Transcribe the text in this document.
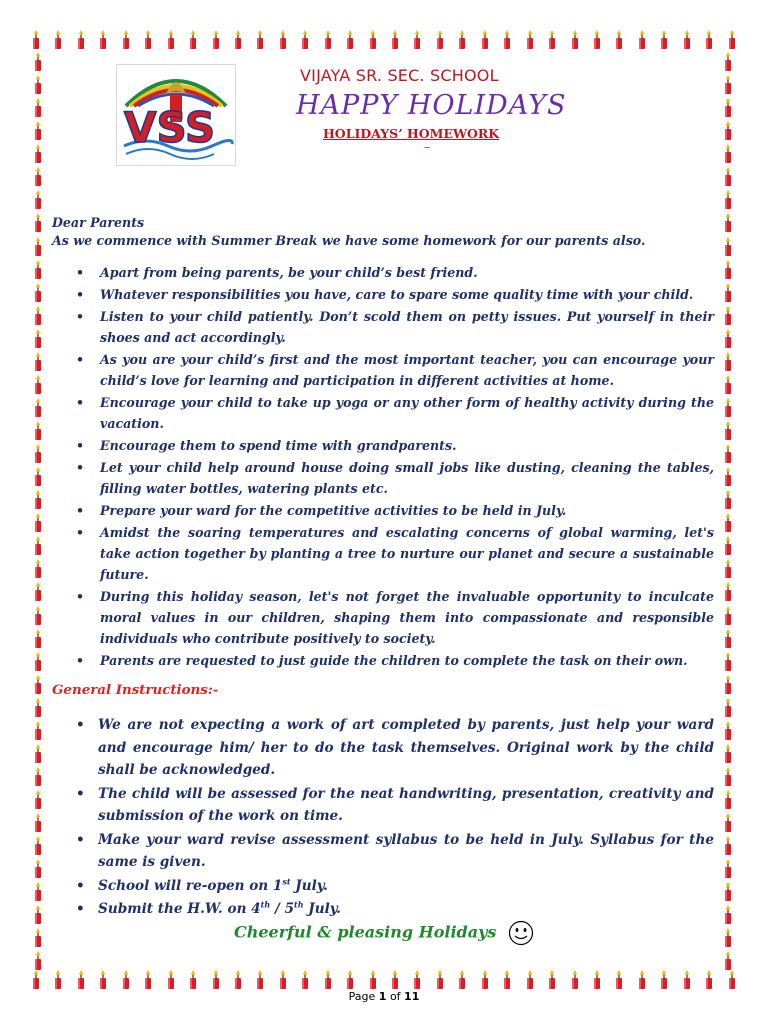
VSS
VIJAYA SR. SEC. SCHOOL
HAPPY HOLIDAYS
HOLIDAYS’ HOMEWORK
–
Dear Parents
As we commence with Summer Break we have some homework for our parents also.
• Apart from being parents, be your child’s best friend.
• Whatever responsibilities you have, care to spare some quality time with your child.
• Listen to your child patiently. Don’t scold them on petty issues. Put yourself in their shoes and act accordingly.
• As you are your child’s first and the most important teacher, you can encourage your child’s love for learning and participation in different activities at home.
• Encourage your child to take up yoga or any other form of healthy activity during the vacation.
• Encourage them to spend time with grandparents.
• Let your child help around house doing small jobs like dusting, cleaning the tables, filling water bottles, watering plants etc.
• Prepare your ward for the competitive activities to be held in July.
• Amidst the soaring temperatures and escalating concerns of global warming, let's take action together by planting a tree to nurture our planet and secure a sustainable future.
• During this holiday season, let's not forget the invaluable opportunity to inculcate moral values in our children, shaping them into compassionate and responsible individuals who contribute positively to society.
• Parents are requested to just guide the children to complete the task on their own.
General Instructions:-
• We are not expecting a work of art completed by parents, just help your ward and encourage him/ her to do the task themselves. Original work by the child shall be acknowledged.
• The child will be assessed for the neat handwriting, presentation, creativity and submission of the work on time.
• Make your ward revise assessment syllabus to be held in July. Syllabus for the same is given.
• School will re-open on 1st July.
• Submit the H.W. on 4th / 5th July.
Cheerful & pleasing Holidays
Page 1 of 11
